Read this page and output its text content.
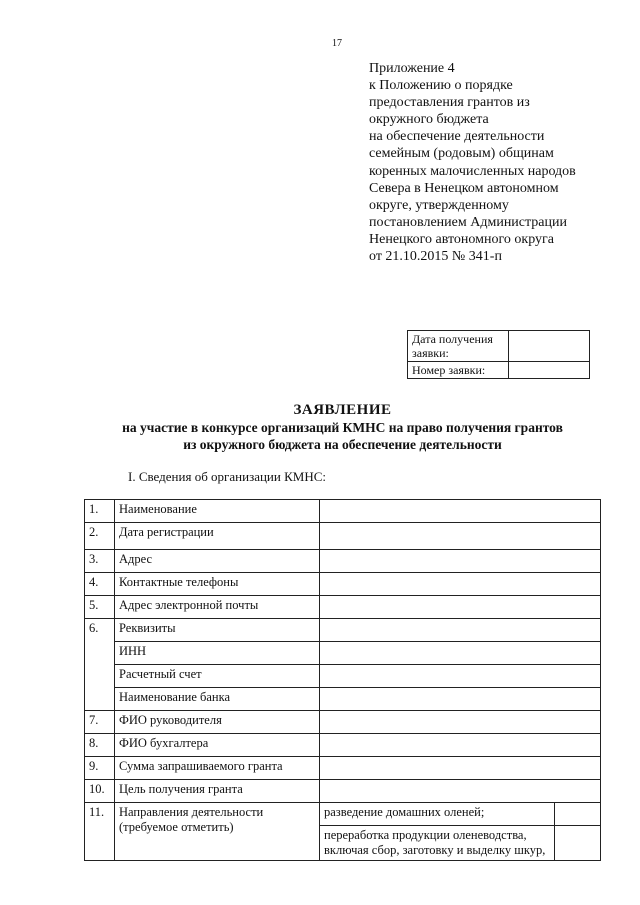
17
Приложение 4
к Положению о порядке
предоставления грантов из
окружного бюджета
на обеспечение деятельности
семейным (родовым) общинам
коренных малочисленных народов
Севера в Ненецком автономном
округе, утвержденному
постановлением Администрации
Ненецкого автономного округа
от 21.10.2015 № 341-п
Дата получения заявки:	
Номер заявки:	
ЗАЯВЛЕНИЕ
на участие в конкурсе организаций КМНС на право получения грантов
из окружного бюджета на обеспечение деятельности
I. Сведения об организации КМНС:
1.	Наименование		
2.	Дата регистрации		
3.	Адрес		
4.	Контактные телефоны		
5.	Адрес электронной почты		
6.	Реквизиты		
	ИНН		
	Расчетный счет		
	Наименование банка		
7.	ФИО руководителя		
8.	ФИО бухгалтера		
9.	Сумма запрашиваемого гранта		
10.	Цель получения гранта		
11.	Направления деятельности (требуемое отметить)	разведение домашних оленей;	
		переработка продукции оленеводства, включая сбор, заготовку и выделку шкур,	
